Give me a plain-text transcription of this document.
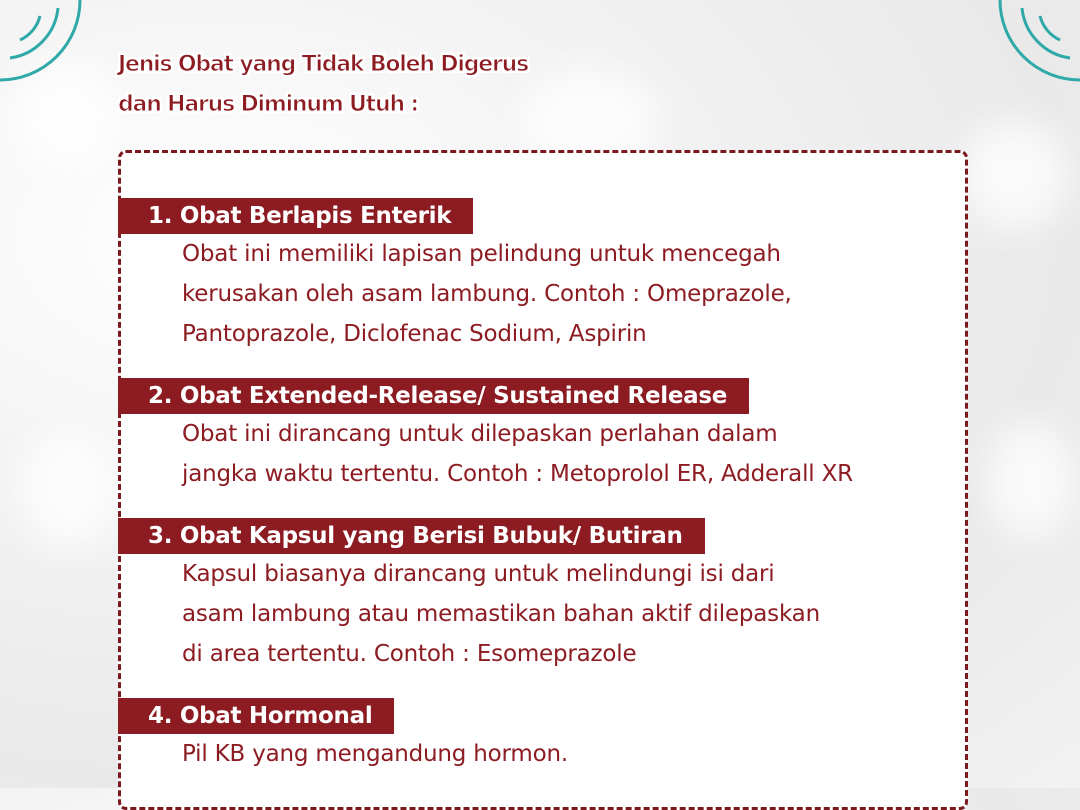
Jenis Obat yang Tidak Boleh Digerus
dan Harus Diminum Utuh :
1. Obat Berlapis Enterik
Obat ini memiliki lapisan pelindung untuk mencegah
kerusakan oleh asam lambung. Contoh : Omeprazole,
Pantoprazole, Diclofenac Sodium, Aspirin
2. Obat Extended-Release/ Sustained Release
Obat ini dirancang untuk dilepaskan perlahan dalam
jangka waktu tertentu. Contoh : Metoprolol ER, Adderall XR
3. Obat Kapsul yang Berisi Bubuk/ Butiran
Kapsul biasanya dirancang untuk melindungi isi dari
asam lambung atau memastikan bahan aktif dilepaskan
di area tertentu. Contoh : Esomeprazole
4. Obat Hormonal
Pil KB yang mengandung hormon.
